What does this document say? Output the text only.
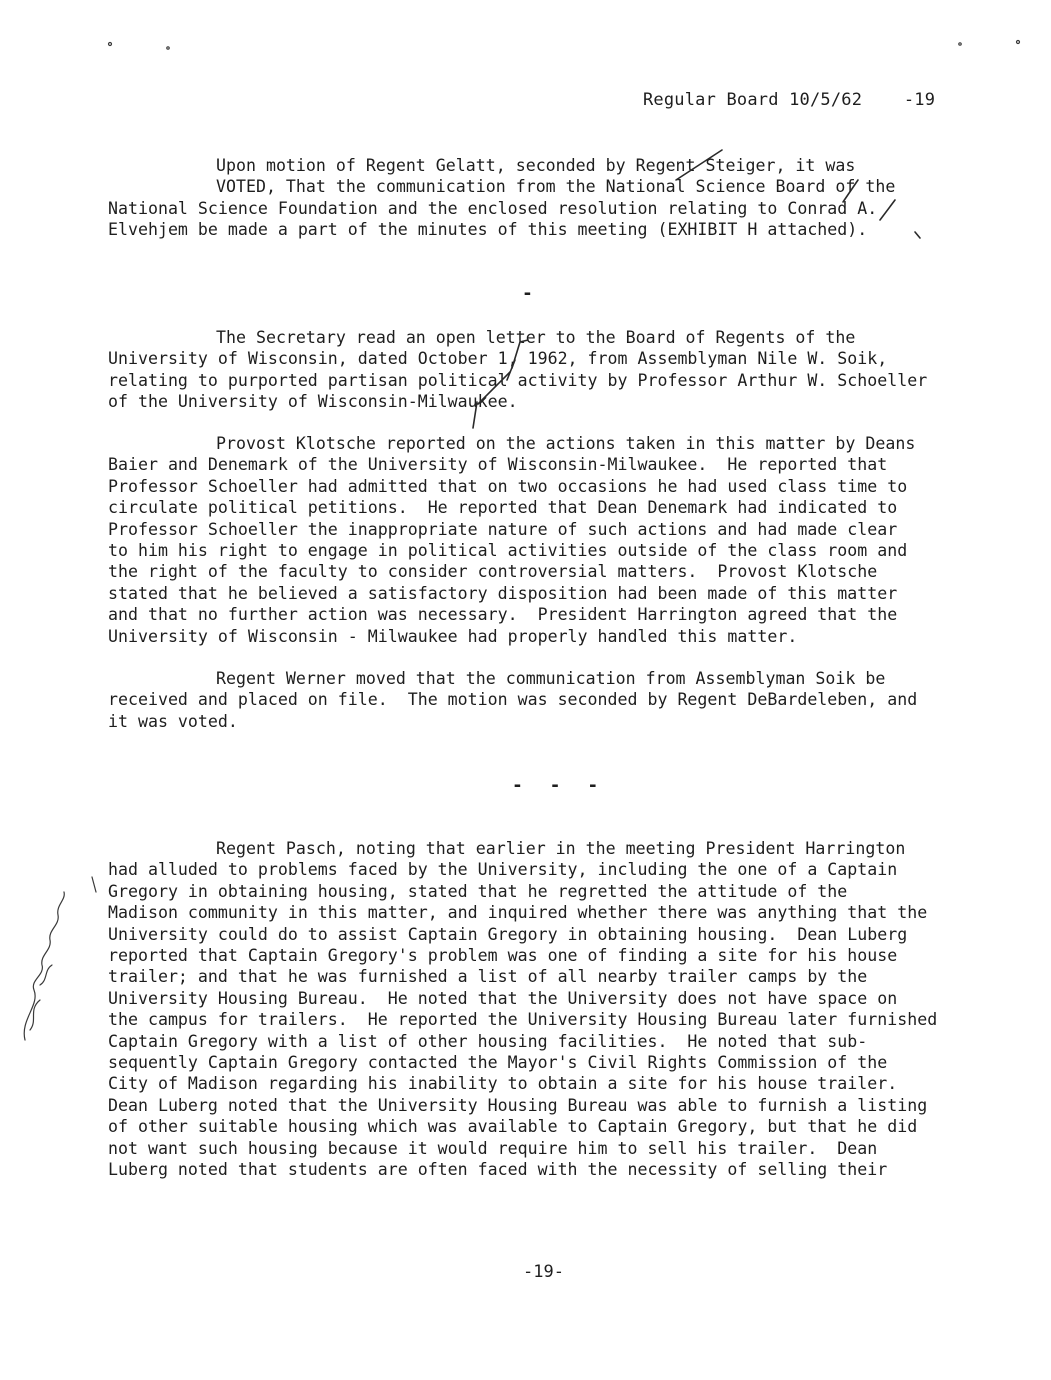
Regular Board 10/5/62    -19
Upon motion of Regent Gelatt, seconded by Regent Steiger, it was
VOTED, That the communication from the National Science Board of the
National Science Foundation and the enclosed resolution relating to Conrad A.
Elvehjem be made a part of the minutes of this meeting (EXHIBIT H attached).
-
The Secretary read an open letter to the Board of Regents of the
University of Wisconsin, dated October 1, 1962, from Assemblyman Nile W. Soik,
relating to purported partisan political activity by Professor Arthur W. Schoeller
of the University of Wisconsin-Milwaukee.
Provost Klotsche reported on the actions taken in this matter by Deans
Baier and Denemark of the University of Wisconsin-Milwaukee.  He reported that
Professor Schoeller had admitted that on two occasions he had used class time to
circulate political petitions.  He reported that Dean Denemark had indicated to
Professor Schoeller the inappropriate nature of such actions and had made clear
to him his right to engage in political activities outside of the class room and
the right of the faculty to consider controversial matters.  Provost Klotsche
stated that he believed a satisfactory disposition had been made of this matter
and that no further action was necessary.  President Harrington agreed that the
University of Wisconsin - Milwaukee had properly handled this matter.
Regent Werner moved that the communication from Assemblyman Soik be
received and placed on file.  The motion was seconded by Regent DeBardeleben, and
it was voted.
- - -
Regent Pasch, noting that earlier in the meeting President Harrington
had alluded to problems faced by the University, including the one of a Captain
Gregory in obtaining housing, stated that he regretted the attitude of the
Madison community in this matter, and inquired whether there was anything that the
University could do to assist Captain Gregory in obtaining housing.  Dean Luberg
reported that Captain Gregory's problem was one of finding a site for his house
trailer; and that he was furnished a list of all nearby trailer camps by the
University Housing Bureau.  He noted that the University does not have space on
the campus for trailers.  He reported the University Housing Bureau later furnished
Captain Gregory with a list of other housing facilities.  He noted that sub-
sequently Captain Gregory contacted the Mayor's Civil Rights Commission of the
City of Madison regarding his inability to obtain a site for his house trailer.
Dean Luberg noted that the University Housing Bureau was able to furnish a listing
of other suitable housing which was available to Captain Gregory, but that he did
not want such housing because it would require him to sell his trailer.  Dean
Luberg noted that students are often faced with the necessity of selling their
-19-
